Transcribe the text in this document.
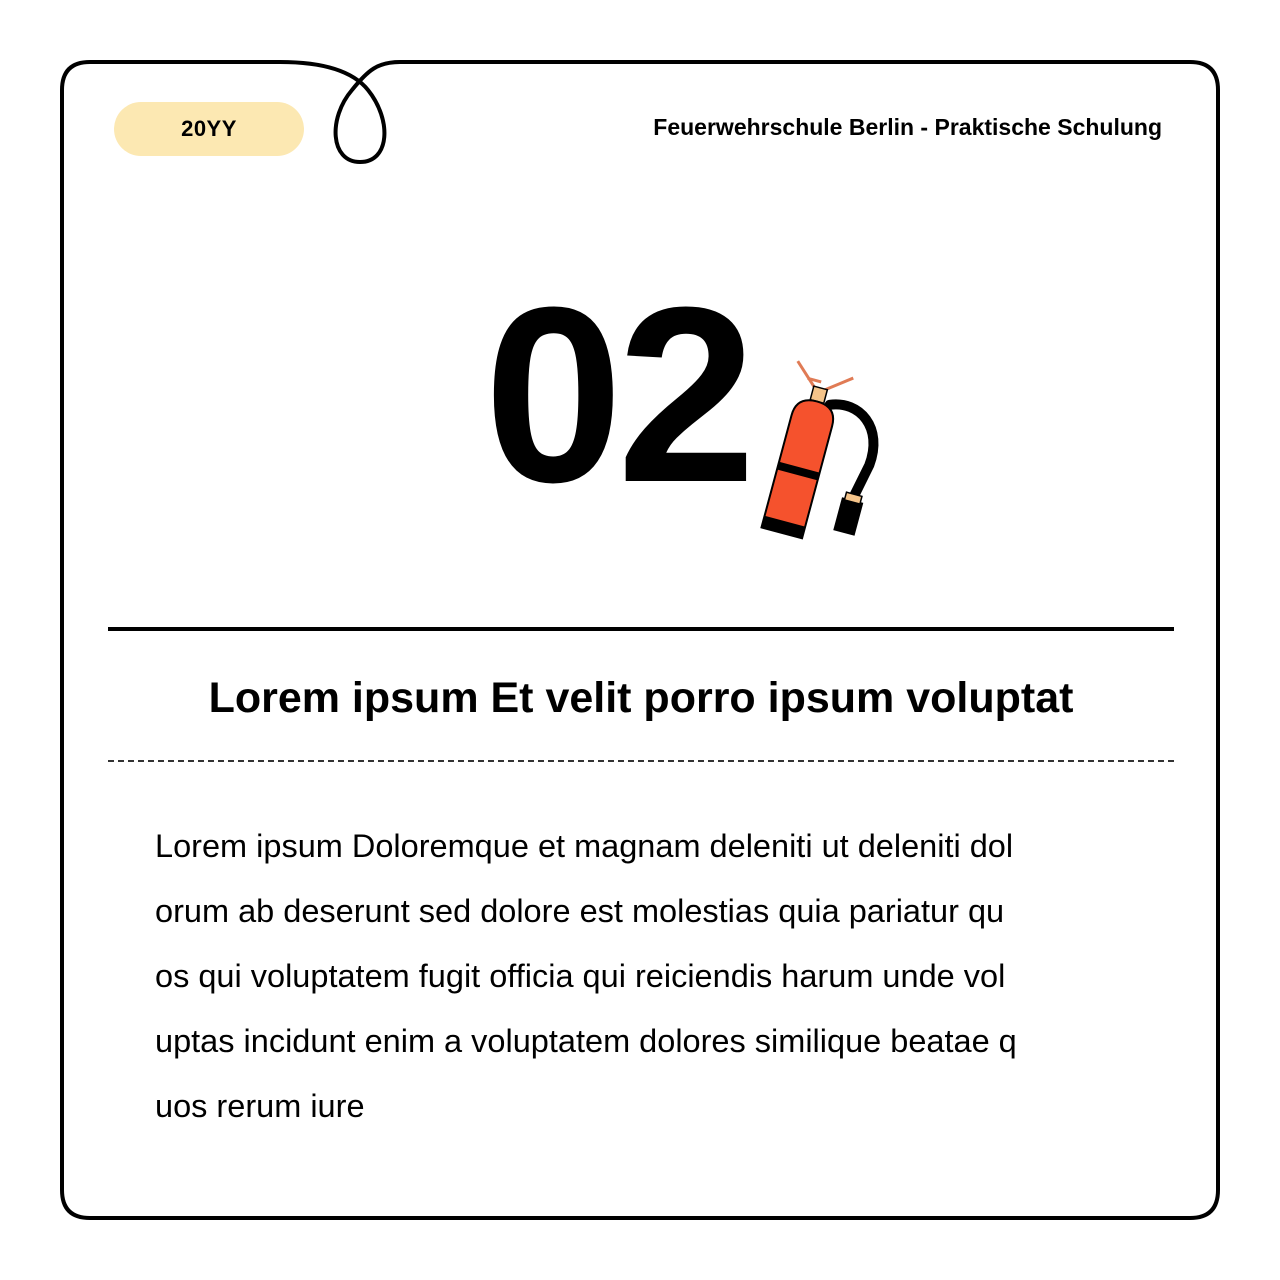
20YY	Feuerwehrschule Berlin - Praktische Schulung
02
Lorem ipsum Et velit porro ipsum voluptat
Lorem ipsum Doloremque et magnam deleniti ut deleniti dol
orum ab deserunt sed dolore est molestias quia pariatur qu
os qui voluptatem fugit officia qui reiciendis harum unde vol
uptas incidunt enim a voluptatem dolores similique beatae q
uos rerum iure
